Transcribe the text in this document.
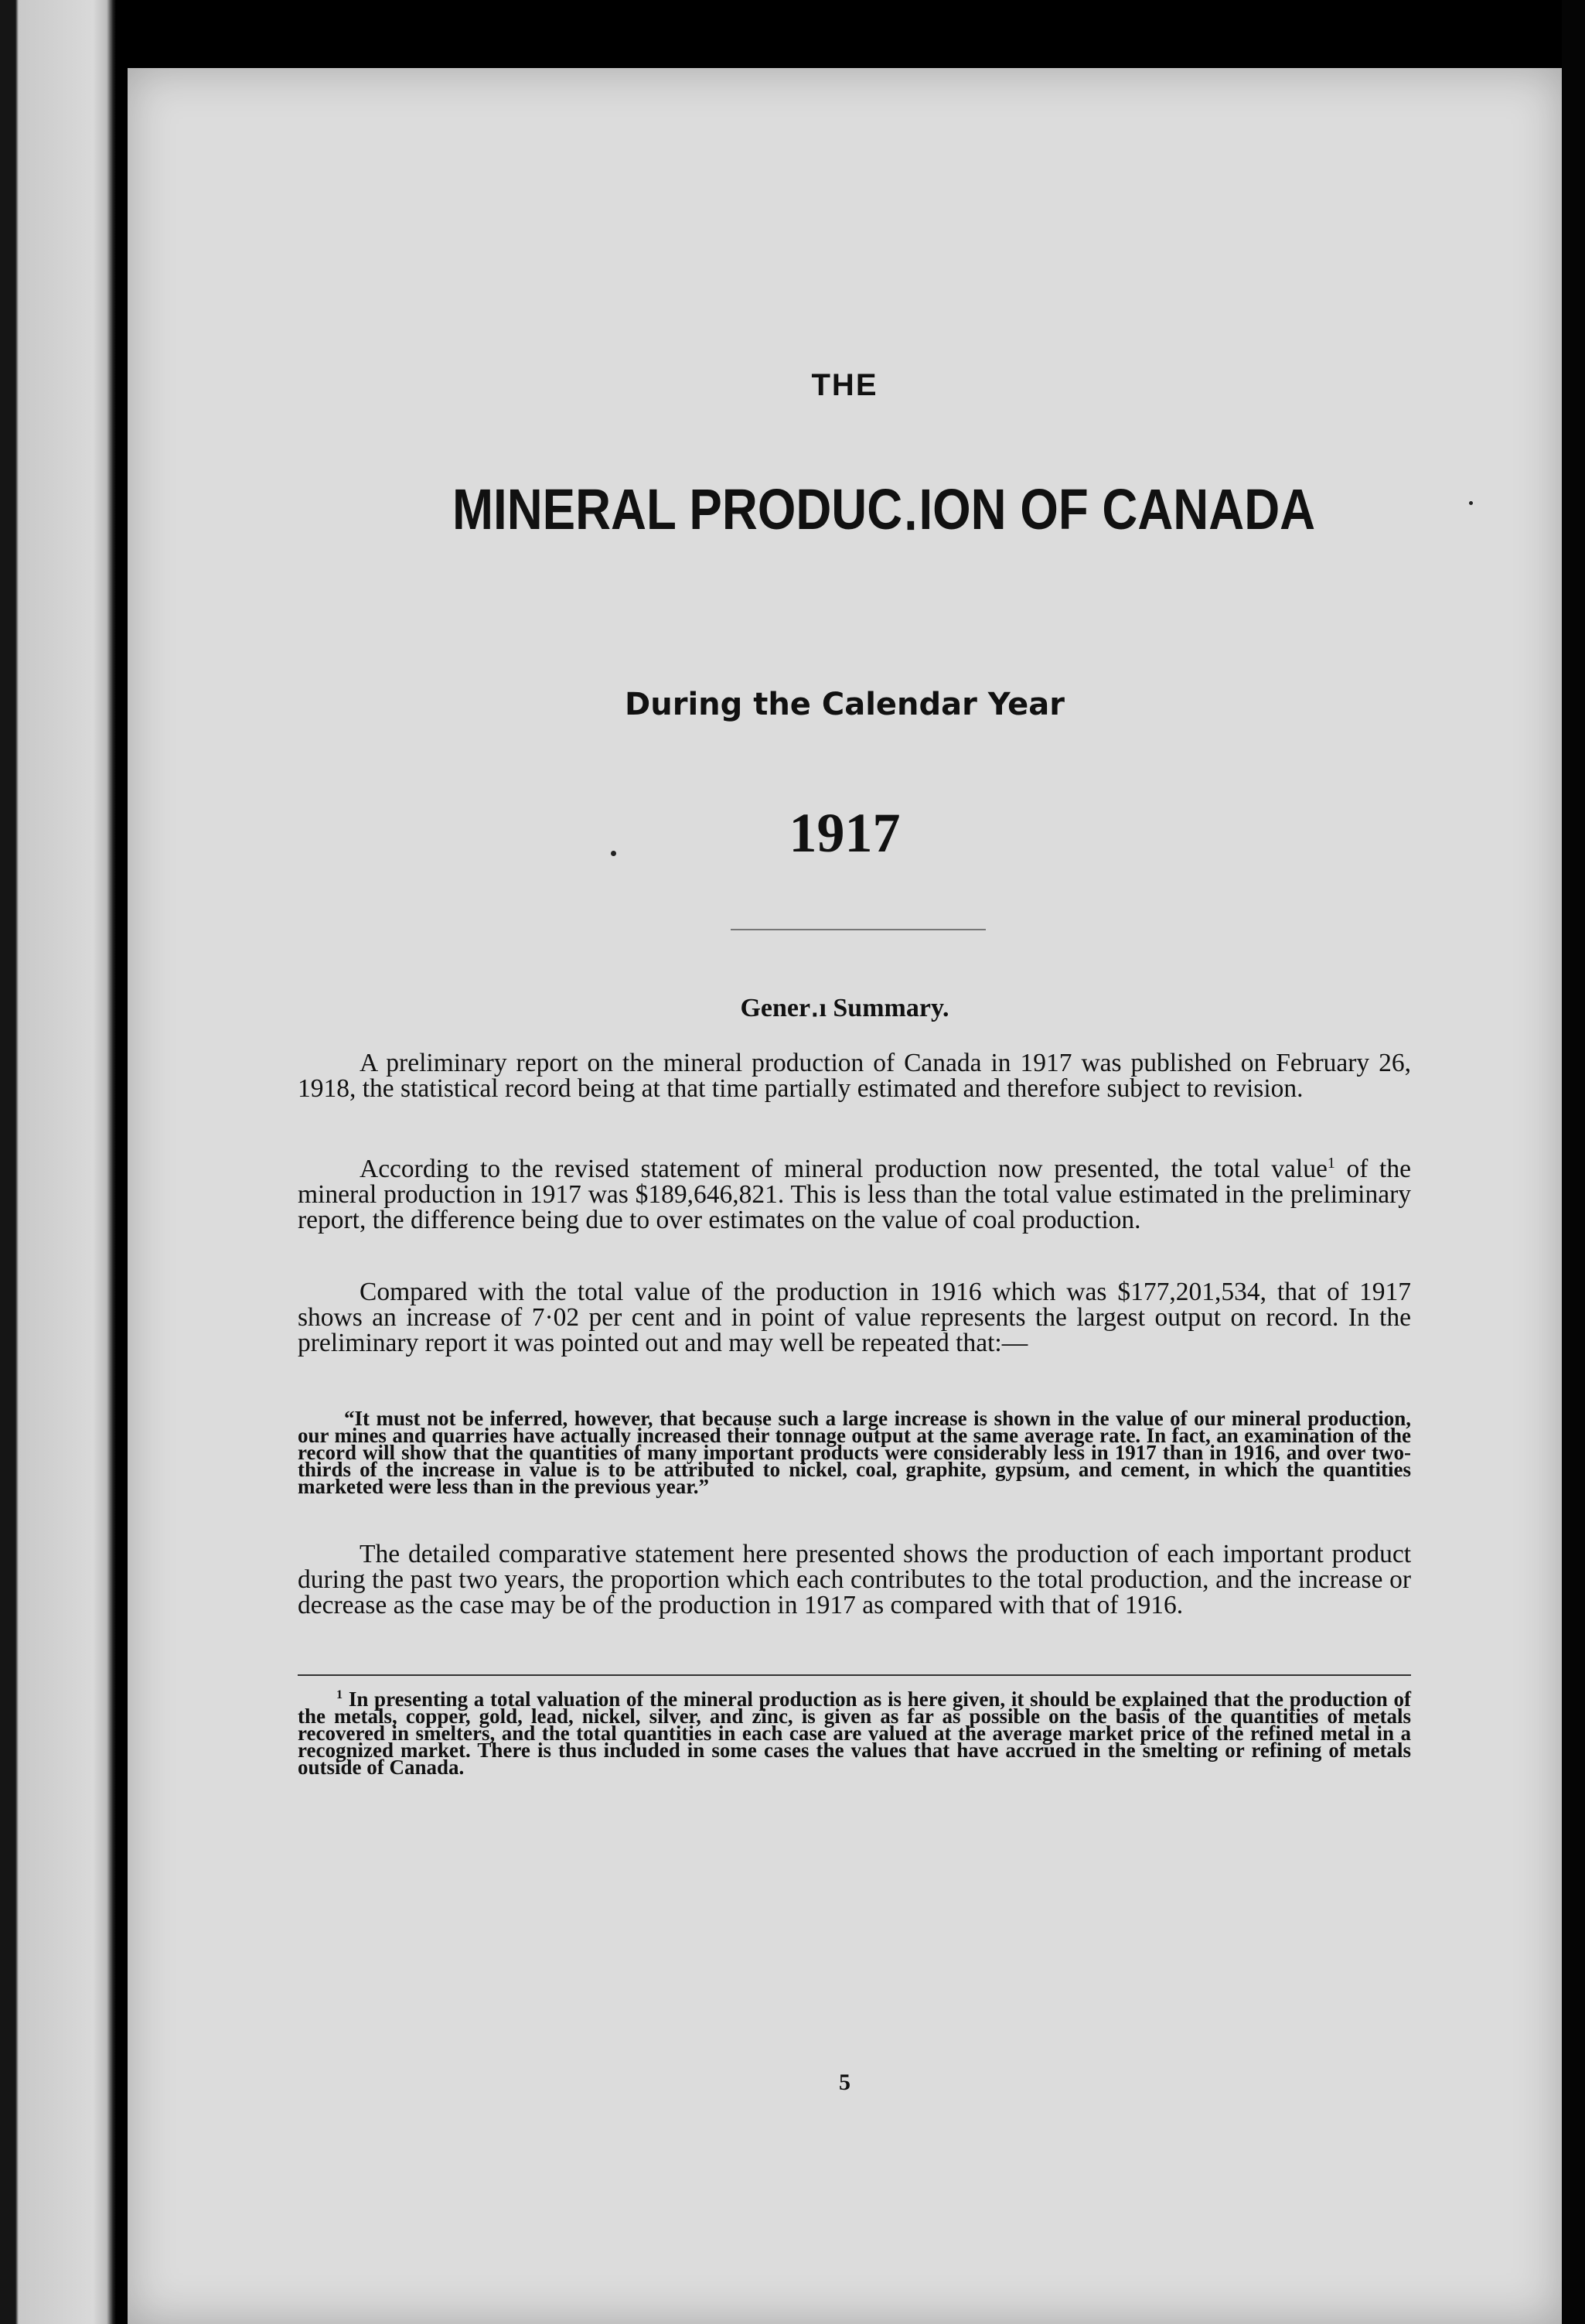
THE
MINERAL PRODUC․ION OF CANADA
During the Calendar Year
1917
Gener․ı Summary.

A preliminary report on the mineral production of Canada in 1917 was published on February 26, 1918, the statistical record being at that time partially estimated and therefore subject to revision.

According to the revised statement of mineral production now presented, the total value$^1$ of the mineral production in 1917 was $189,646,821. This is less than the total value estimated in the preliminary report, the difference being due to over estimates on the value of coal production.

Compared with the total value of the production in 1916 which was $177,201,534, that of 1917 shows an increase of 7·02 per cent and in point of value represents the largest output on record. In the preliminary report it was pointed out and may well be repeated that:—

“It must not be inferred, however, that because such a large increase is shown in the value of our mineral production, our mines and quarries have actually increased their tonnage output at the same average rate. In fact, an examination of the record will show that the quantities of many important products were considerably less in 1917 than in 1916, and over two-thirds of the increase in value is to be attributed to nickel, coal, graphite, gypsum, and cement, in which the quantities marketed were less than in the previous year.”

The detailed comparative statement here presented shows the production of each important product during the past two years, the proportion which each contributes to the total production, and the increase or decrease as the case may be of the production in 1917 as compared with that of 1916.

$^1$ In presenting a total valuation of the mineral production as is here given, it should be explained that the production of the metals, copper, gold, lead, nickel, silver, and zinc, is given as far as possible on the basis of the quantities of metals recovered in smelters, and the total quantities in each case are valued at the average market price of the refined metal in a recognized market. There is thus included in some cases the values that have accrued in the smelting or refining of metals outside of Canada.

5
